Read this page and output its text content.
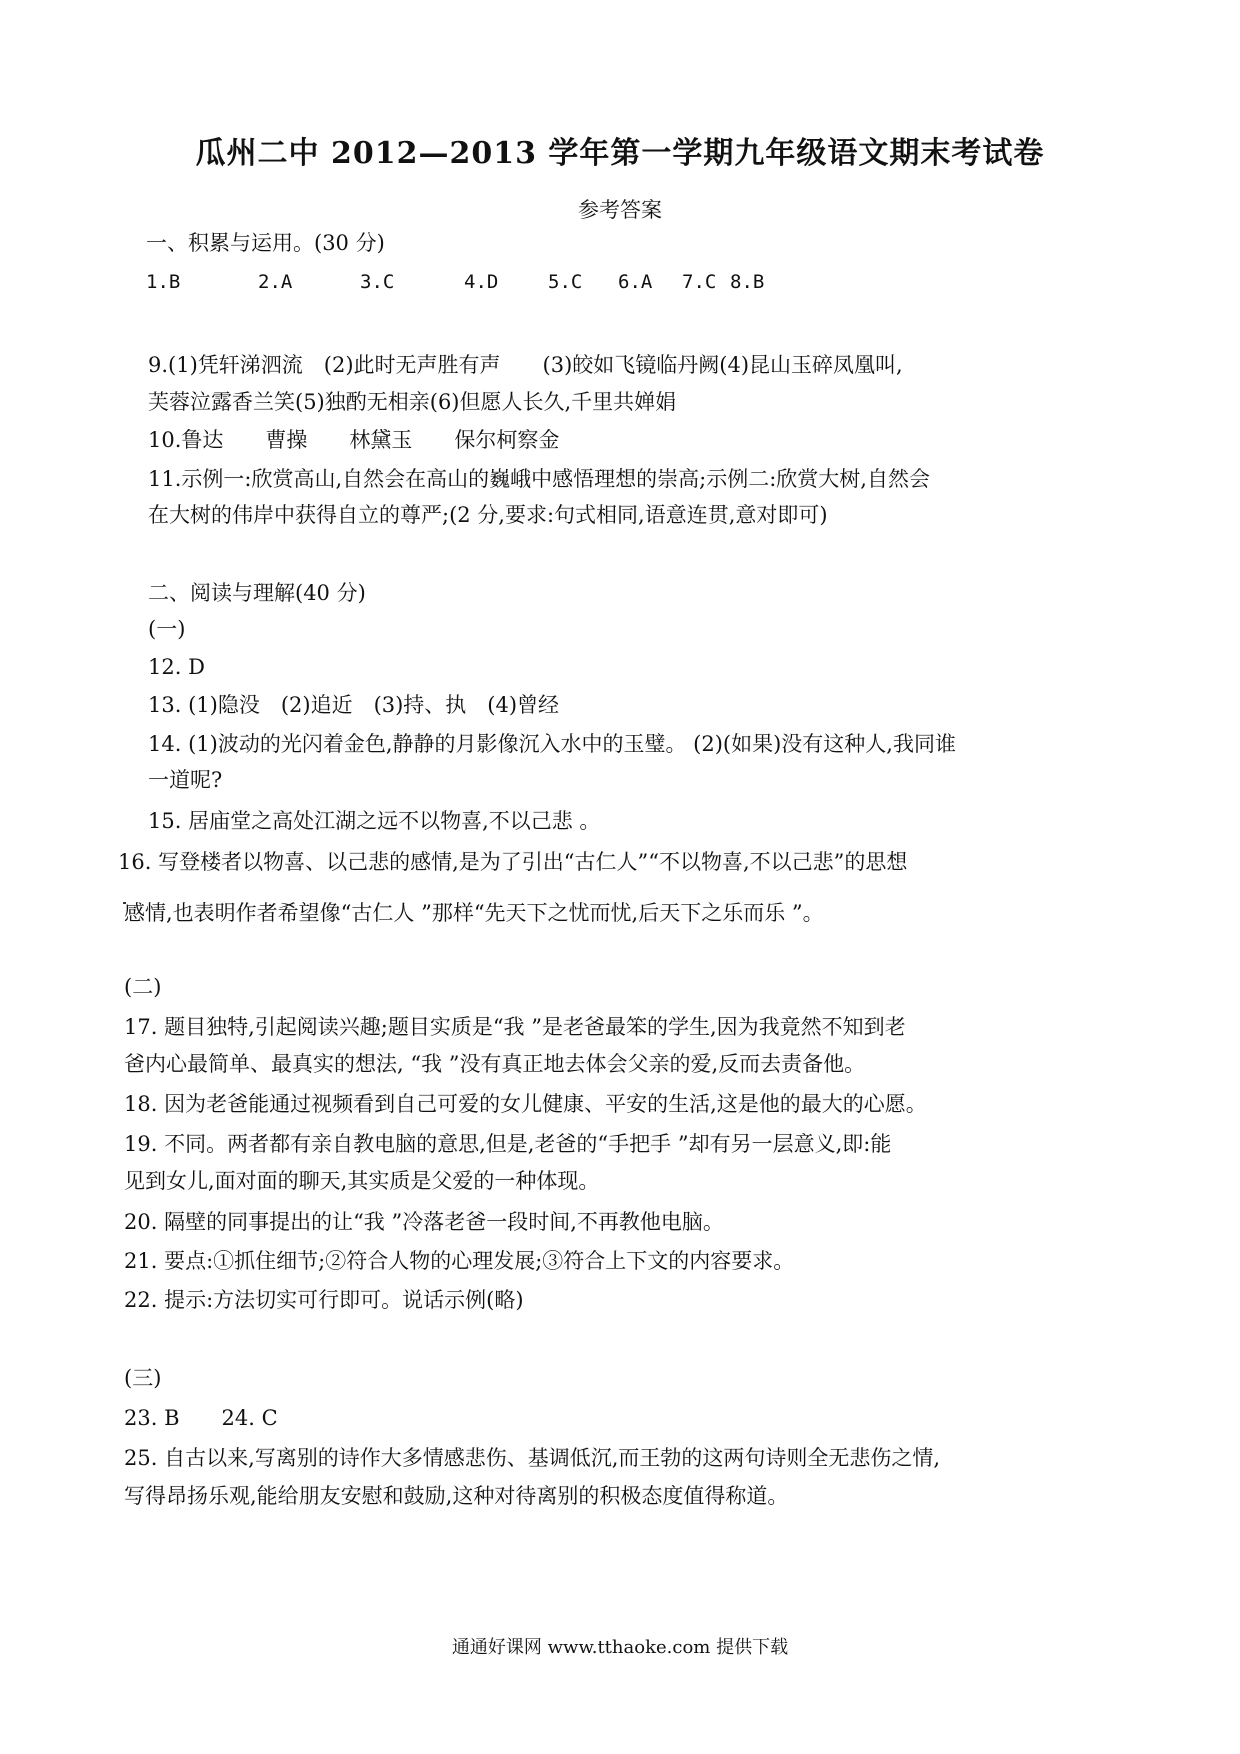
瓜州二中 2012—2013 学年第一学期九年级语文期末考试卷
参考答案
一、积累与运用。(30 分)
1.B	2.A	3.C	4.D	5.C 6.A 7.C 8.B
9.(1)凭轩涕泗流　(2)此时无声胜有声　　(3)皎如飞镜临丹阙(4)昆山玉碎凤凰叫,
芙蓉泣露香兰笑(5)独酌无相亲(6)但愿人长久,千里共婵娟
10.鲁达　　曹操　　林黛玉　　保尔柯察金
11.示例一:欣赏高山,自然会在高山的巍峨中感悟理想的崇高;示例二:欣赏大树,自然会
在大树的伟岸中获得自立的尊严;(2 分,要求:句式相同,语意连贯,意对即可)
二、阅读与理解(40 分)
(一)
12. D
13. (1)隐没　(2)追近　(3)持、执　(4)曾经
14. (1)波动的光闪着金色,静静的月影像沉入水中的玉璧。 (2)(如果)没有这种人,我同谁
一道呢?
15. 居庙堂之高处江湖之远不以物喜,不以己悲 。
16. 写登楼者以物喜、以己悲的感情,是为了引出“古仁人”“不以物喜,不以己悲”的思想
感情,也表明作者希望像“古仁人 ”那样“先天下之忧而忧,后天下之乐而乐 ”。
(二)
17. 题目独特,引起阅读兴趣;题目实质是“我 ”是老爸最笨的学生,因为我竟然不知到老
爸内心最简单、最真实的想法, “我 ”没有真正地去体会父亲的爱,反而去责备他。
18. 因为老爸能通过视频看到自己可爱的女儿健康、平安的生活,这是他的最大的心愿。
19. 不同。两者都有亲自教电脑的意思,但是,老爸的“手把手 ”却有另一层意义,即:能
见到女儿,面对面的聊天,其实质是父爱的一种体现。
20. 隔壁的同事提出的让“我 ”冷落老爸一段时间,不再教他电脑。
21. 要点:①抓住细节;②符合人物的心理发展;③符合上下文的内容要求。
22. 提示:方法切实可行即可。说话示例(略)
(三)
23. B　　24. C
25. 自古以来,写离别的诗作大多情感悲伤、基调低沉,而王勃的这两句诗则全无悲伤之情,
写得昂扬乐观,能给朋友安慰和鼓励,这种对待离别的积极态度值得称道。
通通好课网 www.tthaoke.com 提供下载
